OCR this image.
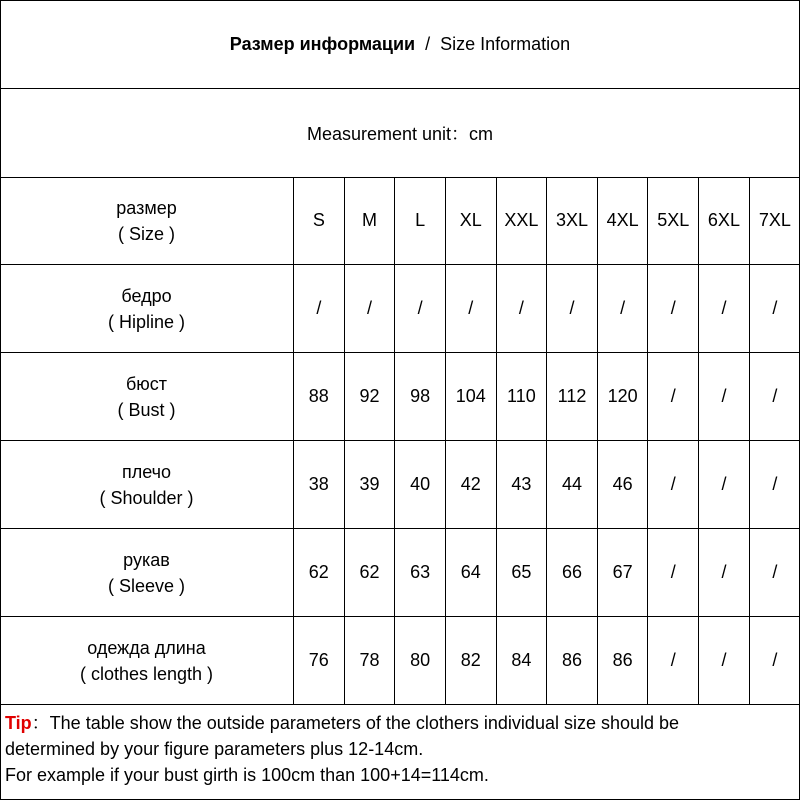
Размер информации / Size Information
Measurement unit：cm
размер
( Size )	S	M	L	XL	XXL	3XL	4XL	5XL	6XL	7XL

бедро
( Hipline )	/	/	/	/	/	/	/	/	/	/

бюст
( Bust )	88	92	98	104	110	112	120	/	/	/

плечо
( Shoulder )	38	39	40	42	43	44	46	/	/	/

рукав
( Sleeve )	62	62	63	64	65	66	67	/	/	/

одежда длина
( clothes length )	76	78	80	82	84	86	86	/	/	/
Tip：The table show the outside parameters of the clothers individual size should be
determined by your figure parameters plus 12-14cm.
For example if your bust girth is 100cm than 100+14=114cm.
